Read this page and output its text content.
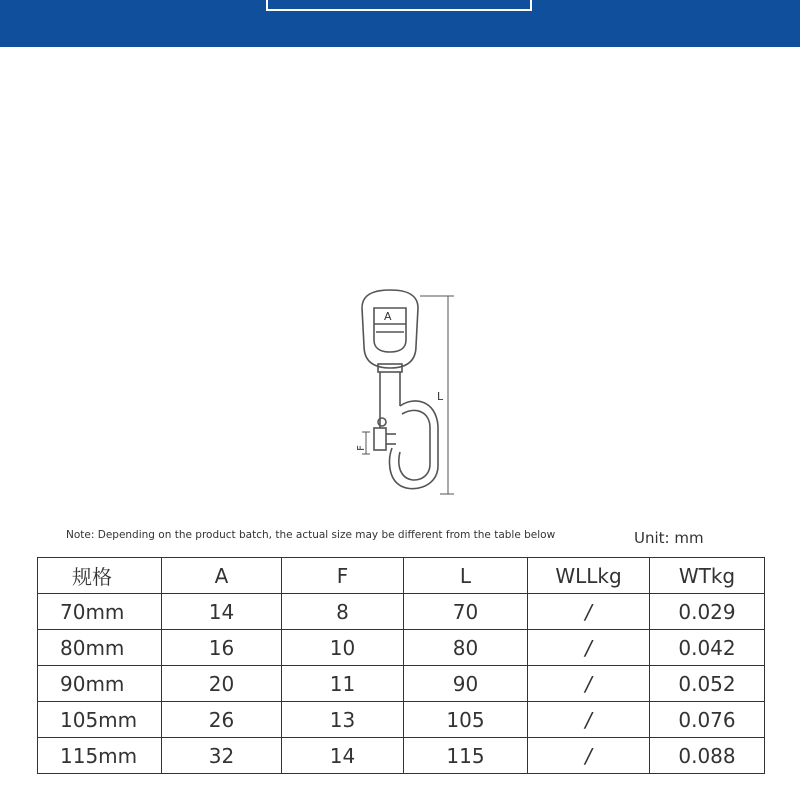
A
L
F
Note: Depending on the product batch, the actual size may be different from the table below	Unit: mm
规格	A	F	L	WLLkg	WTkg
70mm	14	8	70	/	0.029
80mm	16	10	80	/	0.042
90mm	20	11	90	/	0.052
105mm	26	13	105	/	0.076
115mm	32	14	115	/	0.088
